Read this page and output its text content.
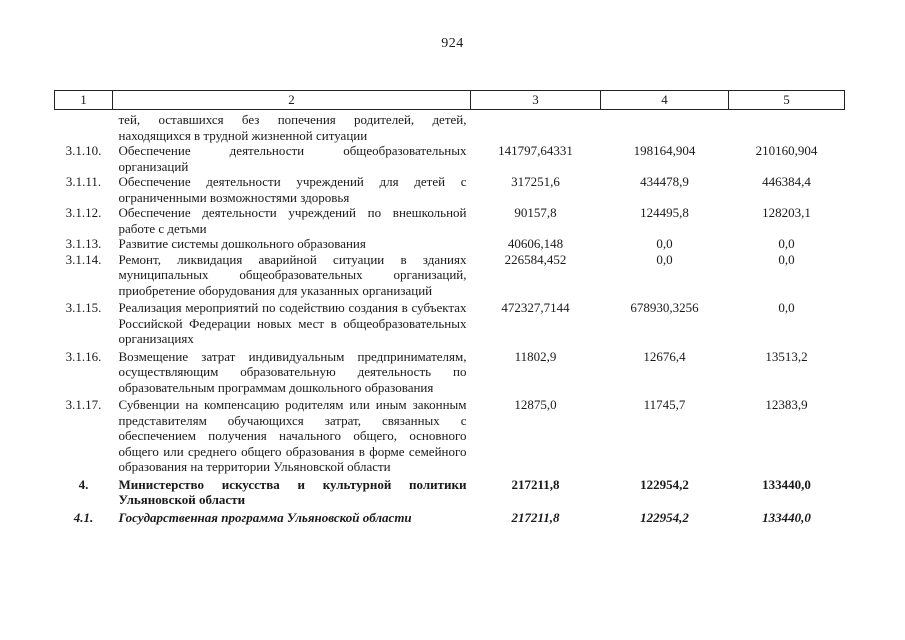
924
1	2	3	4	5
	тей, оставшихся без попечения родителей, детей, находящихся в трудной жизненной ситуации			
3.1.10.	Обеспечение деятельности общеобразовательных организаций	141797,64331	198164,904	210160,904
3.1.11.	Обеспечение деятельности учреждений для детей с ограниченными возможностями здоровья	317251,6	434478,9	446384,4
3.1.12.	Обеспечение деятельности учреждений по внешкольной работе с детьми	90157,8	124495,8	128203,1
3.1.13.	Развитие системы дошкольного образования	40606,148	0,0	0,0
3.1.14.	Ремонт, ликвидация аварийной ситуации в зданиях муниципальных общеобразовательных организаций, приобретение оборудования для указанных организаций	226584,452	0,0	0,0
3.1.15.	Реализация мероприятий по содействию создания в субъектах Российской Федерации новых мест в общеобразовательных организациях	472327,7144	678930,3256	0,0
3.1.16.	Возмещение затрат индивидуальным предпринимателям, осуществляющим образовательную деятельность по образовательным программам дошкольного образования	11802,9	12676,4	13513,2
3.1.17.	Субвенции на компенсацию родителям или иным законным представителям обучающихся затрат, связанных с обеспечением получения начального общего, основного общего или среднего общего образования в форме семейного образования на территории Ульяновской области	12875,0	11745,7	12383,9
4.	Министерство искусства и культурной политики Ульяновской области	217211,8	122954,2	133440,0
4.1.	Государственная программа Ульяновской области	217211,8	122954,2	133440,0
